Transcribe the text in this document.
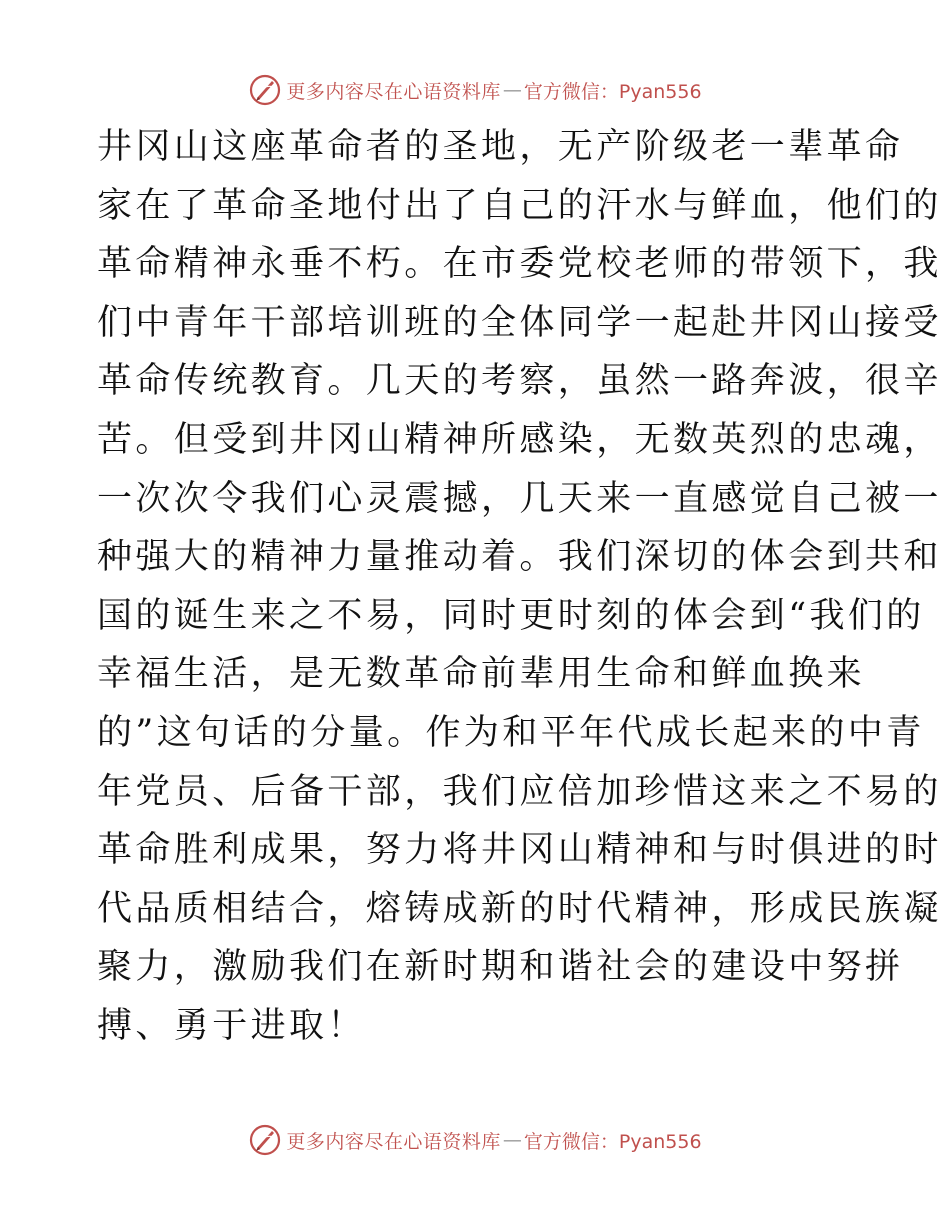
更多内容尽在心语资料库 — 官方微信：Pyan556
井冈山这座革命者的圣地，无产阶级老一辈革命
家在了革命圣地付出了自己的汗水与鲜血，他们的
革命精神永垂不朽。在市委党校老师的带领下，我
们中青年干部培训班的全体同学一起赴井冈山接受
革命传统教育。几天的考察，虽然一路奔波，很辛
苦。但受到井冈山精神所感染，无数英烈的忠魂，
一次次令我们心灵震撼，几天来一直感觉自己被一
种强大的精神力量推动着。我们深切的体会到共和
国的诞生来之不易，同时更时刻的体会到“我们的
幸福生活，是无数革命前辈用生命和鲜血换来
的”这句话的分量。作为和平年代成长起来的中青
年党员、后备干部，我们应倍加珍惜这来之不易的
革命胜利成果，努力将井冈山精神和与时俱进的时
代品质相结合，熔铸成新的时代精神，形成民族凝
聚力，激励我们在新时期和谐社会的建设中努拼
搏、勇于进取！
更多内容尽在心语资料库 — 官方微信：Pyan556
